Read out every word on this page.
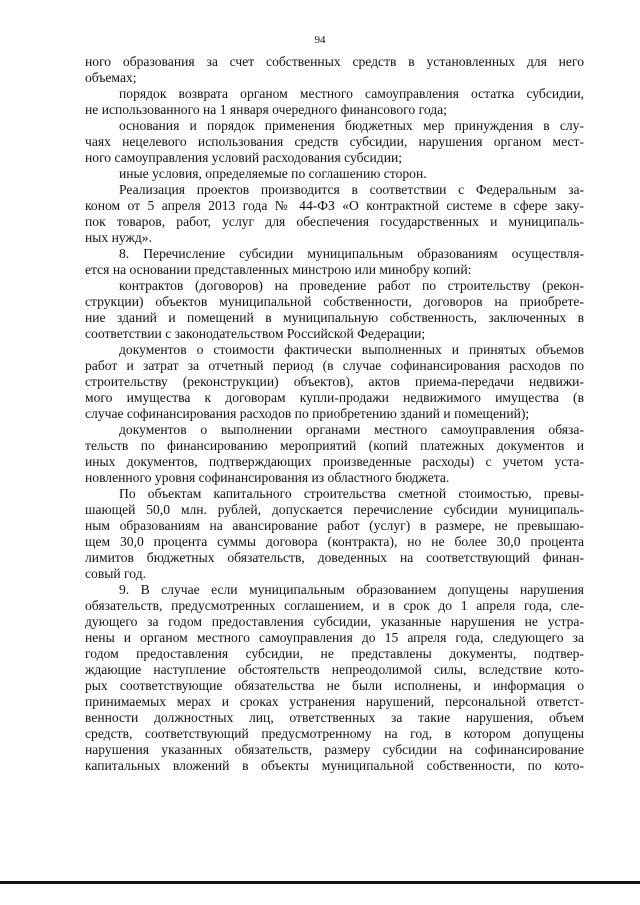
94
ного образования за счет собственных средств в установленных для него
объемах;
порядок возврата органом местного самоуправления остатка субсидии,
не использованного на 1 января очередного финансового года;
основания и порядок применения бюджетных мер принуждения в слу-
чаях нецелевого использования средств субсидии, нарушения органом мест-
ного самоуправления условий расходования субсидии;
иные условия, определяемые по соглашению сторон.
Реализация проектов производится в соответствии с Федеральным за-
коном от 5 апреля 2013 года № 44-ФЗ «О контрактной системе в сфере заку-
пок товаров, работ, услуг для обеспечения государственных и муниципаль-
ных нужд».
8. Перечисление субсидии муниципальным образованиям осуществля-
ется на основании представленных минстрою или минобру копий:
контрактов (договоров) на проведение работ по строительству (рекон-
струкции) объектов муниципальной собственности, договоров на приобрете-
ние зданий и помещений в муниципальную собственность, заключенных в
соответствии с законодательством Российской Федерации;
документов о стоимости фактически выполненных и принятых объемов
работ и затрат за отчетный период (в случае софинансирования расходов по
строительству (реконструкции) объектов), актов приема-передачи недвижи-
мого имущества к договорам купли-продажи недвижимого имущества (в
случае софинансирования расходов по приобретению зданий и помещений);
документов о выполнении органами местного самоуправления обяза-
тельств по финансированию мероприятий (копий платежных документов и
иных документов, подтверждающих произведенные расходы) с учетом уста-
новленного уровня софинансирования из областного бюджета.
По объектам капитального строительства сметной стоимостью, превы-
шающей 50,0 млн. рублей, допускается перечисление субсидии муниципаль-
ным образованиям на авансирование работ (услуг) в размере, не превышаю-
щем 30,0 процента суммы договора (контракта), но не более 30,0 процента
лимитов бюджетных обязательств, доведенных на соответствующий финан-
совый год.
9. В случае если муниципальным образованием допущены нарушения
обязательств, предусмотренных соглашением, и в срок до 1 апреля года, сле-
дующего за годом предоставления субсидии, указанные нарушения не устра-
нены и органом местного самоуправления до 15 апреля года, следующего за
годом предоставления субсидии, не представлены документы, подтвер-
ждающие наступление обстоятельств непреодолимой силы, вследствие кото-
рых соответствующие обязательства не были исполнены, и информация о
принимаемых мерах и сроках устранения нарушений, персональной ответст-
венности должностных лиц, ответственных за такие нарушения, объем
средств, соответствующий предусмотренному на год, в котором допущены
нарушения указанных обязательств, размеру субсидии на софинансирование
капитальных вложений в объекты муниципальной собственности, по кото-
